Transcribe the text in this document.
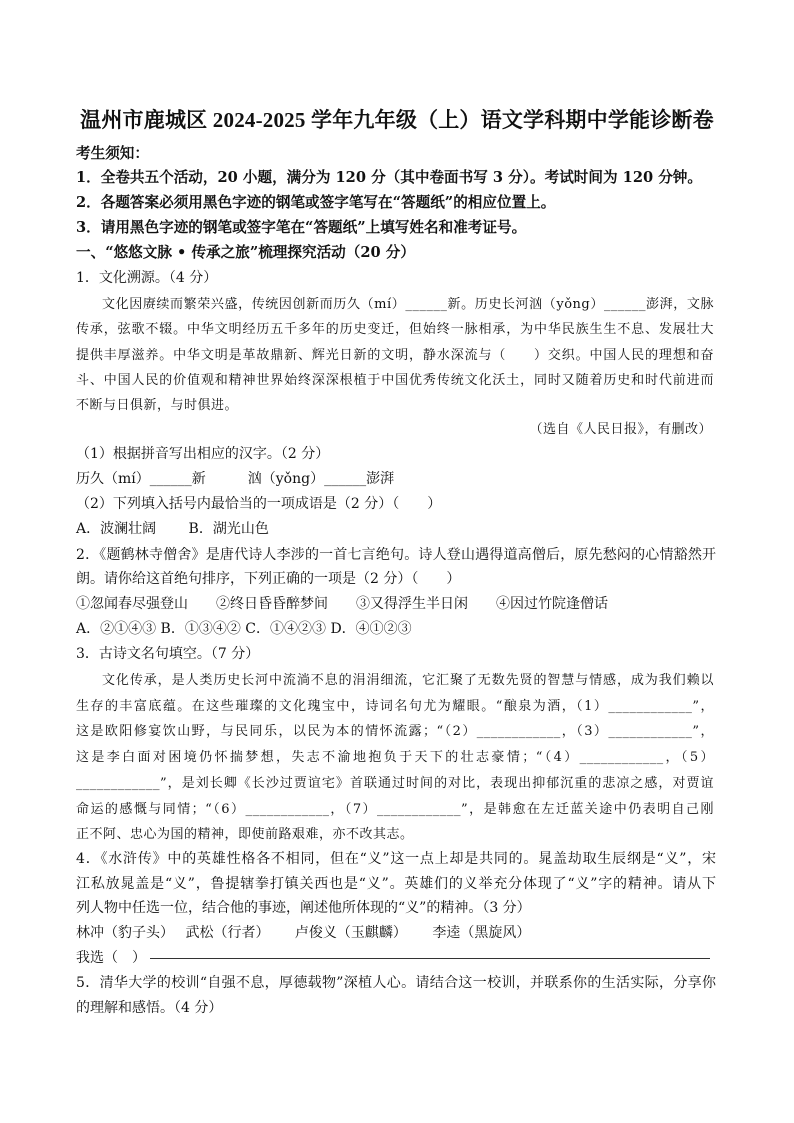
温州市鹿城区 2024-2025 学年九年级（上）语文学科期中学能诊断卷
考生须知：
1．全卷共五个活动，20 小题，满分为 120 分（其中卷面书写 3 分）。考试时间为 120 分钟。
2．各题答案必须用黑色字迹的钢笔或签字笔写在“答题纸”的相应位置上。
3．请用黑色字迹的钢笔或签字笔在“答题纸”上填写姓名和准考证号。
一、“悠悠文脉 • 传承之旅”梳理探究活动（20 分）
1．文化溯源。（4 分）
文化因赓续而繁荣兴盛，传统因创新而历久（mí）______新。历史长河汹（yǒng）______澎湃，文脉
传承，弦歌不辍。中华文明经历五千多年的历史变迁，但始终一脉相承，为中华民族生生不息、发展壮大
提供丰厚滋养。中华文明是革故鼎新、辉光日新的文明，静水深流与（　　）交织。中国人民的理想和奋
斗、中国人民的价值观和精神世界始终深深根植于中国优秀传统文化沃土，同时又随着历史和时代前进而
不断与日俱新，与时俱进。
（选自《人民日报》，有删改）
（1）根据拼音写出相应的汉字。（2 分）
历久（mí）______新　　　汹（yǒng）______澎湃
（2）下列填入括号内最恰当的一项成语是（2 分）（　　）
A．波澜壮阔　　 B．湖光山色
2．《题鹤林寺僧舍》是唐代诗人李涉的一首七言绝句。诗人登山遇得道高僧后，原先愁闷的心情豁然开
朗。请你给这首绝句排序，下列正确的一项是（2 分）（　　）
①忽闻春尽强登山　　②终日昏昏醉梦间　　③又得浮生半日闲　　④因过竹院逢僧话
A．②①④③ B．①③④② C．①④②③ D．④①②③
3．古诗文名句填空。（7 分）
文化传承，是人类历史长河中流淌不息的涓涓细流，它汇聚了无数先贤的智慧与情感，成为我们赖以
生存的丰富底蕴。在这些璀璨的文化瑰宝中，诗词名句尤为耀眼。“酿泉为酒，（1）____________”，
这是欧阳修宴饮山野，与民同乐，以民为本的情怀流露；“（2）____________，（3）____________”，
这是李白面对困境仍怀揣梦想，失志不渝地抱负于天下的壮志豪情；“（4）____________，（5）
____________”，是刘长卿《长沙过贾谊宅》首联通过时间的对比，表现出抑郁沉重的悲凉之感，对贾谊
命运的感慨与同情；“（6）____________，（7）____________”，是韩愈在左迁蓝关途中仍表明自己刚
正不阿、忠心为国的精神，即使前路艰难，亦不改其志。
4．《水浒传》中的英雄性格各不相同，但在“义”这一点上却是共同的。晁盖劫取生辰纲是“义”，宋
江私放晁盖是“义”，鲁提辖拳打镇关西也是“义”。英雄们的义举充分体现了“义”字的精神。请从下
列人物中任选一位，结合他的事迹，阐述他所体现的“义”的精神。（3 分）
林冲（豹子头）　 武松（行者）　　 卢俊义（玉麒麟）　　 李逵（黑旋风）
我选（　）
5．清华大学的校训“自强不息，厚德载物”深植人心。请结合这一校训，并联系你的生活实际，分享你
的理解和感悟。（4 分）
